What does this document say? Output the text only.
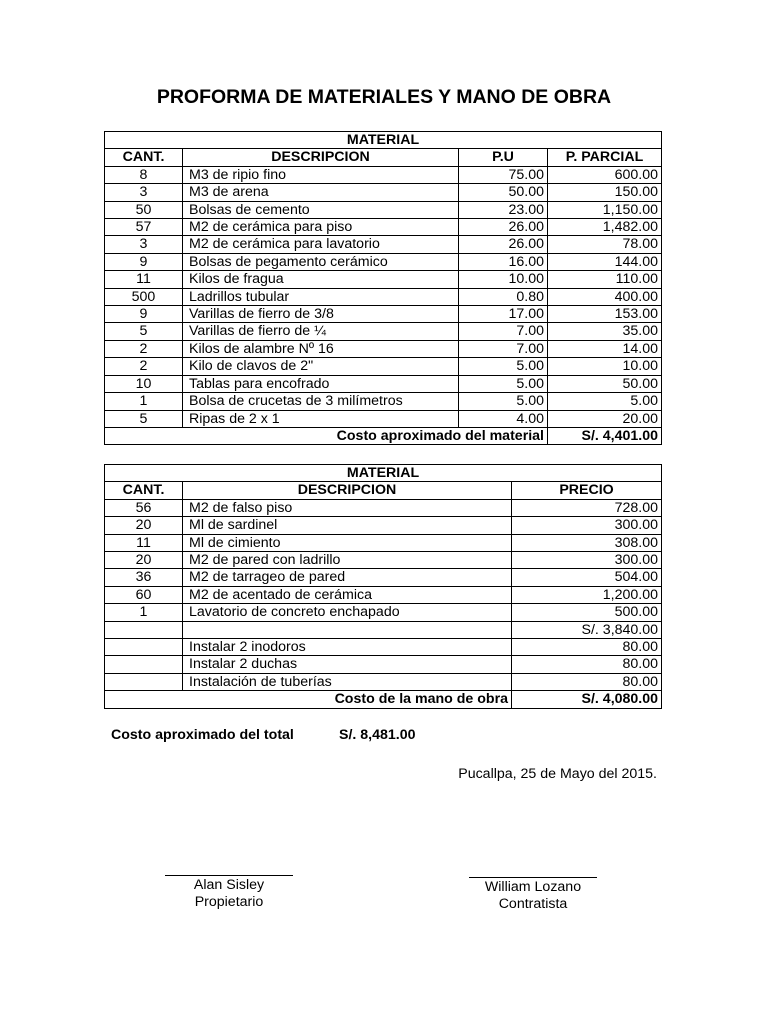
PROFORMA DE MATERIALES Y MANO DE OBRA
MATERIAL			
CANT.	DESCRIPCION	P.U	P. PARCIAL
8	M3 de ripio fino	75.00	600.00
3	M3 de arena	50.00	150.00
50	Bolsas de cemento	23.00	1,150.00
57	M2 de cerámica para piso	26.00	1,482.00
3	M2 de cerámica para lavatorio	26.00	78.00
9	Bolsas de pegamento cerámico	16.00	144.00
11	Kilos de fragua	10.00	110.00
500	Ladrillos tubular	0.80	400.00
9	Varillas de fierro de 3/8	17.00	153.00
5	Varillas de fierro de ¼	7.00	35.00
2	Kilos de alambre Nº 16	7.00	14.00
2	Kilo de clavos de 2"	5.00	10.00
10	Tablas para encofrado	5.00	50.00
1	Bolsa de crucetas de 3 milímetros	5.00	5.00
5	Ripas de 2 x 1	4.00	20.00
Costo aproximado del material			S/. 4,401.00
MATERIAL		
CANT.	DESCRIPCION	PRECIO
56	M2 de falso piso	728.00
20	Ml de sardinel	300.00
11	Ml de cimiento	308.00
20	M2 de pared con ladrillo	300.00
36	M2 de tarrageo de pared	504.00
60	M2 de acentado de cerámica	1,200.00
1	Lavatorio de concreto enchapado	500.00
		S/. 3,840.00
	Instalar 2 inodoros	80.00
	Instalar 2 duchas	80.00
	Instalación de tuberías	80.00
Costo de la mano de obra		S/. 4,080.00
Costo aproximado del total	S/. 8,481.00
Pucallpa, 25 de Mayo del 2015.
Alan Sisley
Propietario
William Lozano
Contratista
